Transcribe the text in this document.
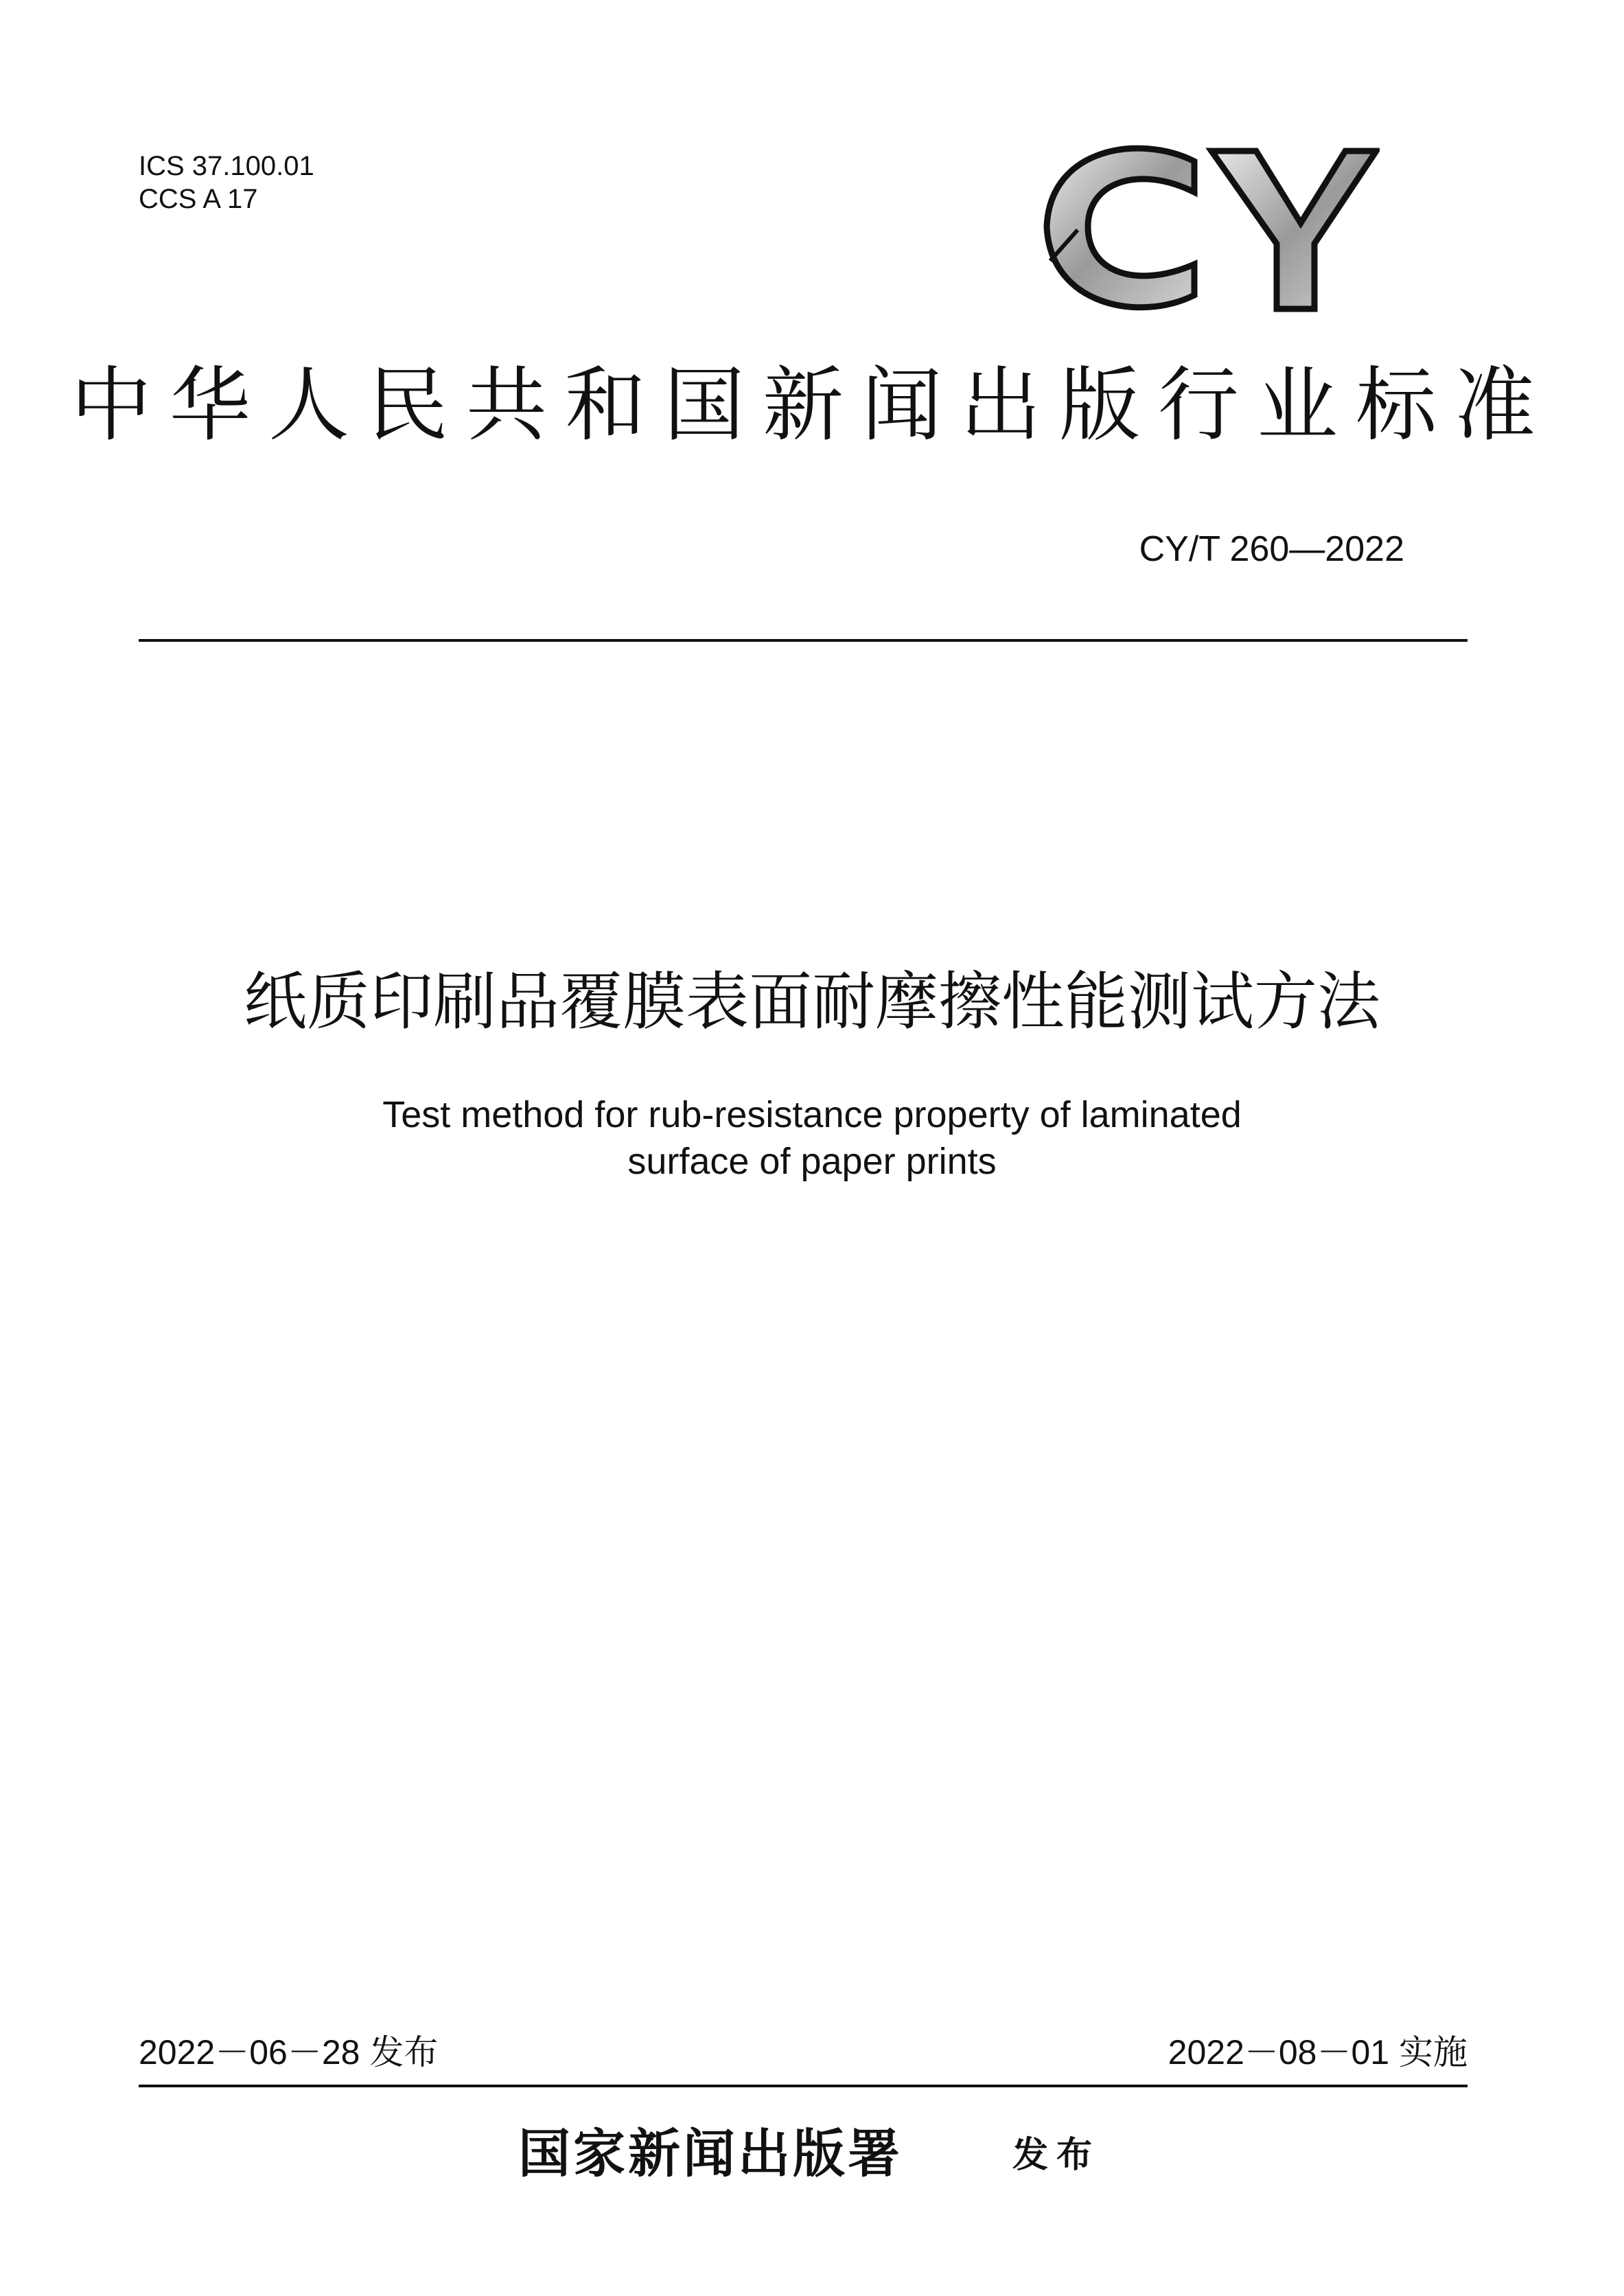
ICS 37.100.01
CCS A 17
中华人民共和国新闻出版行业标准
CY/T 260—2022
纸质印刷品覆膜表面耐摩擦性能测试方法
Test method for rub-resistance property of laminated
surface of paper prints
2022－06－28 发布	2022－08－01 实施
国家新闻出版署	发布
